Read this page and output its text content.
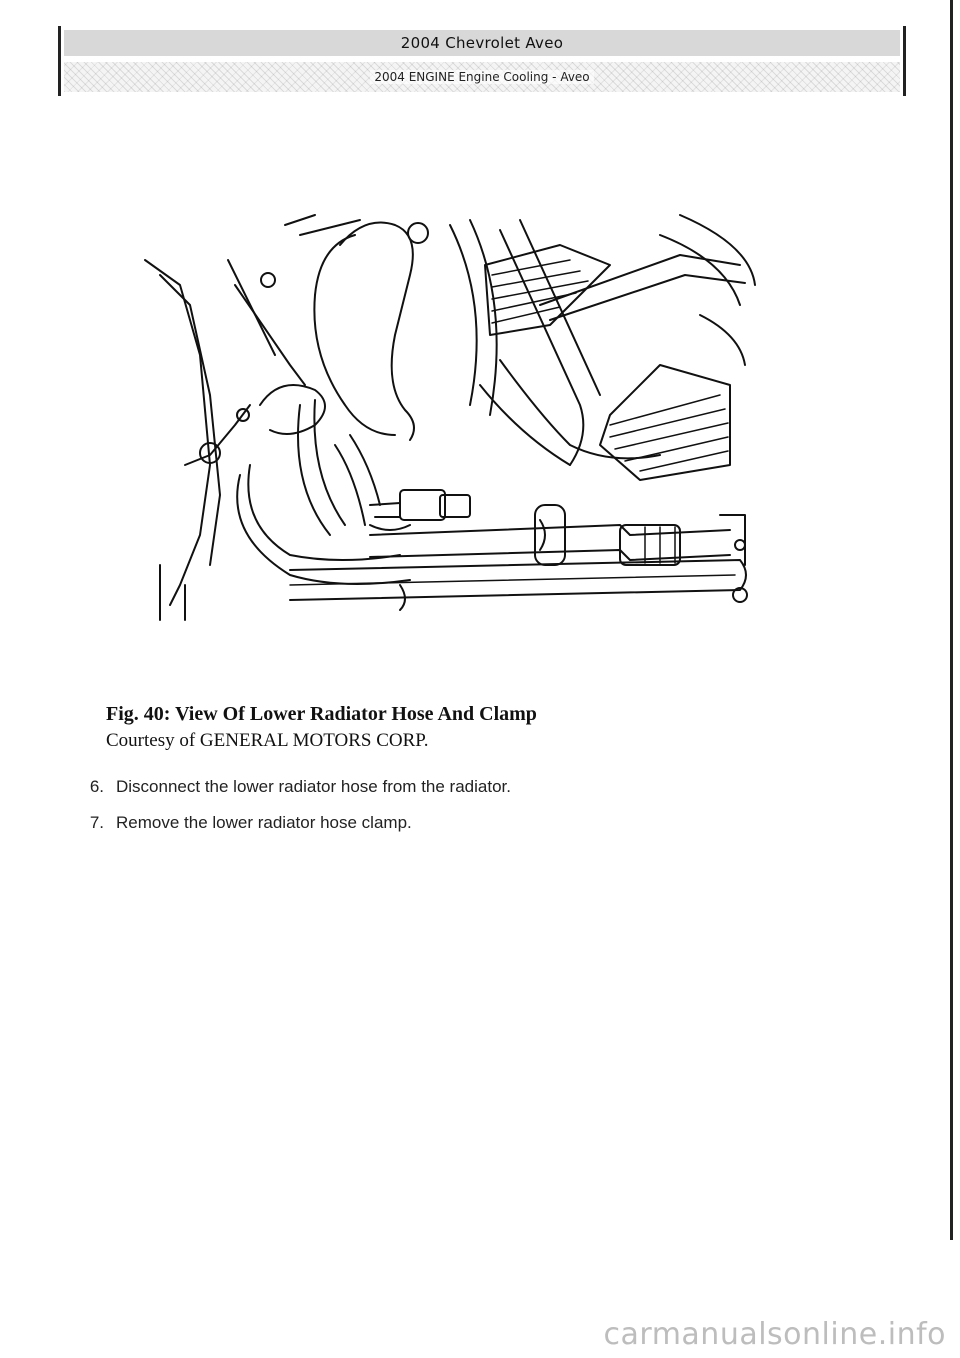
2004 Chevrolet Aveo
2004 ENGINE Engine Cooling - Aveo
Fig. 40: View Of Lower Radiator Hose And Clamp
Courtesy of GENERAL MOTORS CORP.
6. Disconnect the lower radiator hose from the radiator.
7. Remove the lower radiator hose clamp.
carmanualsonline.info
